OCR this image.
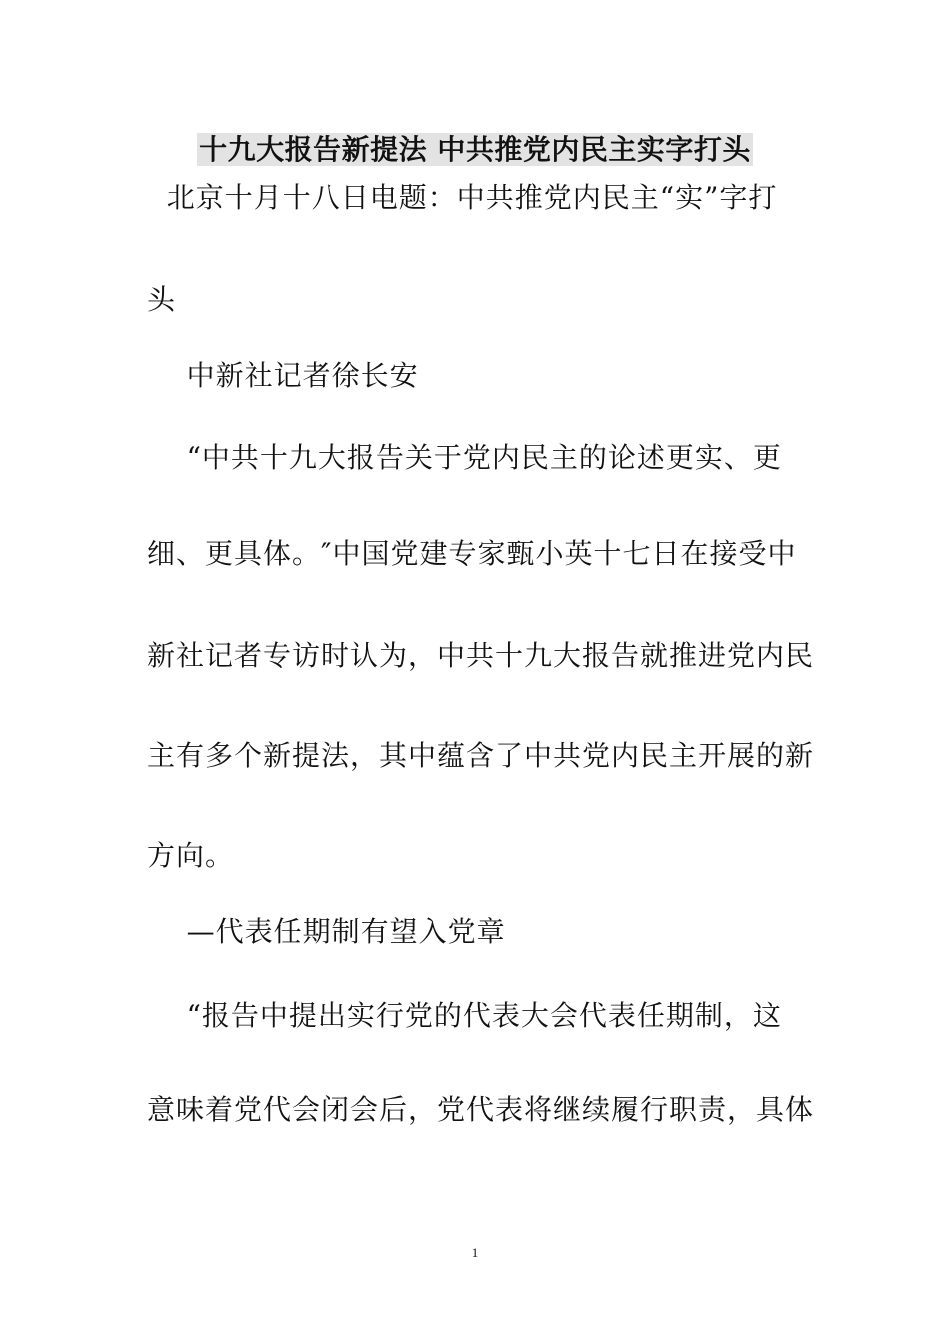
十九大报告新提法 中共推党内民主实字打头
北京十月十八日电题：中共推党内民主“实”字打
头
中新社记者徐长安
“中共十九大报告关于党内民主的论述更实、更
细、更具体。″中国党建专家甄小英十七日在接受中
新社记者专访时认为，中共十九大报告就推进党内民
主有多个新提法，其中蕴含了中共党内民主开展的新
方向。
—代表任期制有望入党章
“报告中提出实行党的代表大会代表任期制，这
意味着党代会闭会后，党代表将继续履行职责，具体
1
